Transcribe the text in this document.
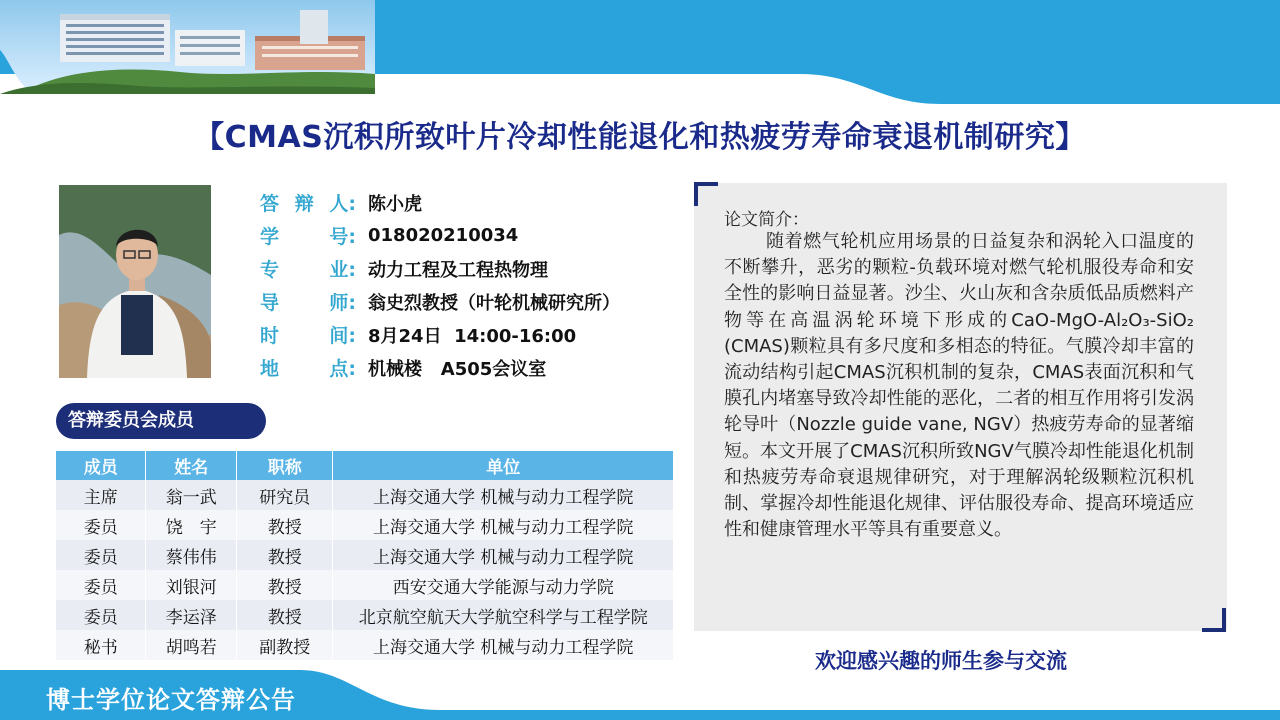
【CMAS沉积所致叶片冷却性能退化和热疲劳寿命衰退机制研究】
答 辩 人: 陈小虎
学	号: 018020210034
专	业: 动力工程及工程热物理
导	师: 翁史烈教授（叶轮机械研究所）
时	间: 8月24日  14:00-16:00
地	点: 机械楼   A505会议室
答辩委员会成员
成员	姓名	职称	单位
主席	翁一武	研究员	上海交通大学 机械与动力工程学院
委员	饶　宇	教授	上海交通大学 机械与动力工程学院
委员	蔡伟伟	教授	上海交通大学 机械与动力工程学院
委员	刘银河	教授	西安交通大学能源与动力学院
委员	李运泽	教授	北京航空航天大学航空科学与工程学院
秘书	胡鸣若	副教授	上海交通大学 机械与动力工程学院
论文简介：
随着燃气轮机应用场景的日益复杂和涡轮入口温度的不断攀升，恶劣的颗粒-负载环境对燃气轮机服役寿命和安全性的影响日益显著。沙尘、火山灰和含杂质低品质燃料产物等在高温涡轮环境下形成的CaO-MgO-Al₂O₃-SiO₂ (CMAS)颗粒具有多尺度和多相态的特征。气膜冷却丰富的流动结构引起CMAS沉积机制的复杂，CMAS表面沉积和气膜孔内堵塞导致冷却性能的恶化，二者的相互作用将引发涡轮导叶（Nozzle guide vane, NGV）热疲劳寿命的显著缩短。本文开展了CMAS沉积所致NGV气膜冷却性能退化机制和热疲劳寿命衰退规律研究，对于理解涡轮级颗粒沉积机制、掌握冷却性能退化规律、评估服役寿命、提高环境适应性和健康管理水平等具有重要意义。
欢迎感兴趣的师生参与交流
博士学位论文答辩公告
